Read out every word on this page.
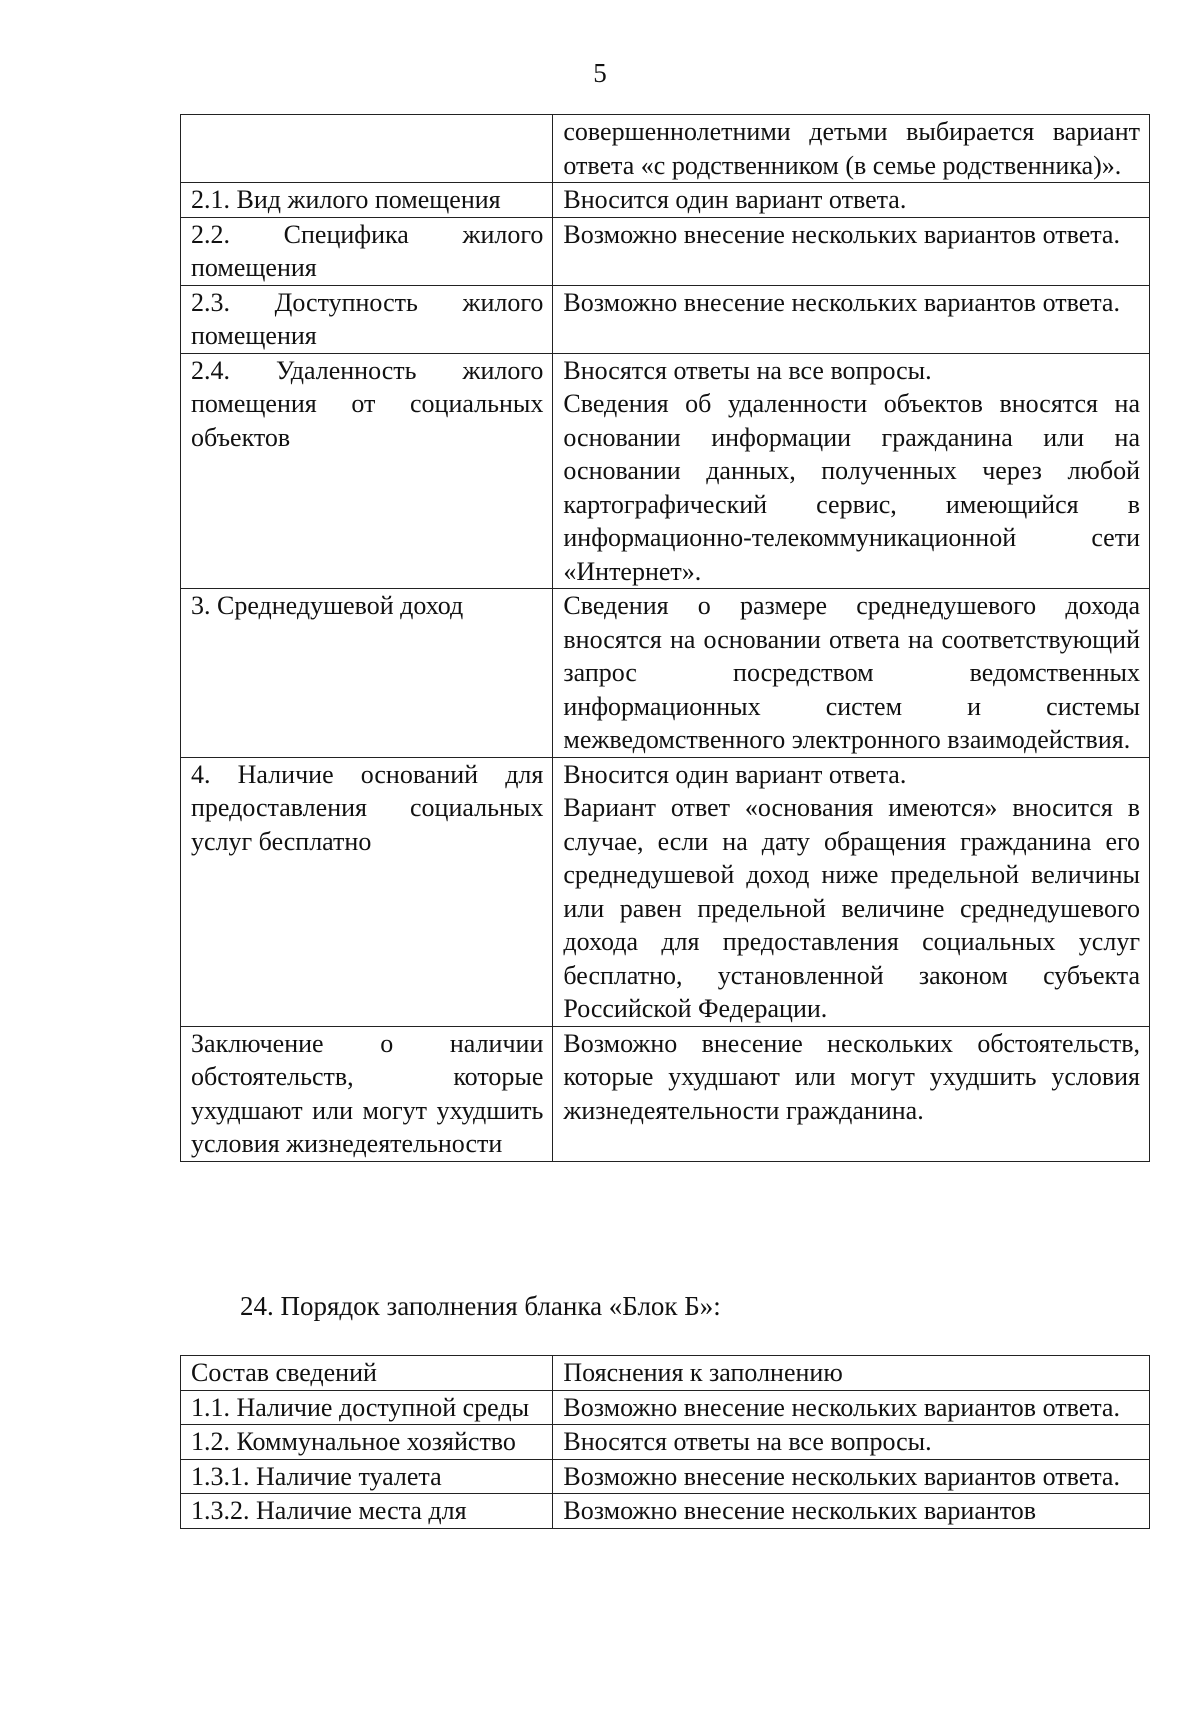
5

	совершеннолетними детьми выбирается вариант ответа «с родственником (в семье родственника)».

2.1. Вид жилого помещения	Вносится один вариант ответа.

2.2. Специфика жилого помещения	Возможно внесение нескольких вариантов ответа.

2.3. Доступность жилого помещения	Возможно внесение нескольких вариантов ответа.

2.4. Удаленность жилого помещения от социальных объектов	Вносятся ответы на все вопросы.
Сведения об удаленности объектов вносятся на основании информации гражданина или на основании данных, полученных через любой картографический сервис, имеющийся в информационно-телекоммуникационной сети «Интернет».

3. Среднедушевой доход	Сведения о размере среднедушевого дохода вносятся на основании ответа на соответствующий запрос посредством ведомственных информационных систем и системы межведомственного электронного взаимодействия.

4. Наличие оснований для предоставления социальных услуг бесплатно	Вносится один вариант ответа.
Вариант ответ «основания имеются» вносится в случае, если на дату обращения гражданина его среднедушевой доход ниже предельной величины или равен предельной величине среднедушевого дохода для предоставления социальных услуг бесплатно, установленной законом субъекта Российской Федерации.

Заключение о наличии обстоятельств, которые ухудшают или могут ухудшить условия жизнедеятельности	Возможно внесение нескольких обстоятельств, которые ухудшают или могут ухудшить условия жизнедеятельности гражданина.
24. Порядок заполнения бланка «Блок Б»:
Состав сведений	Пояснения к заполнению
1.1. Наличие доступной среды	Возможно внесение нескольких вариантов ответа.
1.2. Коммунальное хозяйство	Вносятся ответы на все вопросы.
1.3.1. Наличие туалета	Возможно внесение нескольких вариантов ответа.
1.3.2. Наличие места для	Возможно внесение нескольких вариантов
